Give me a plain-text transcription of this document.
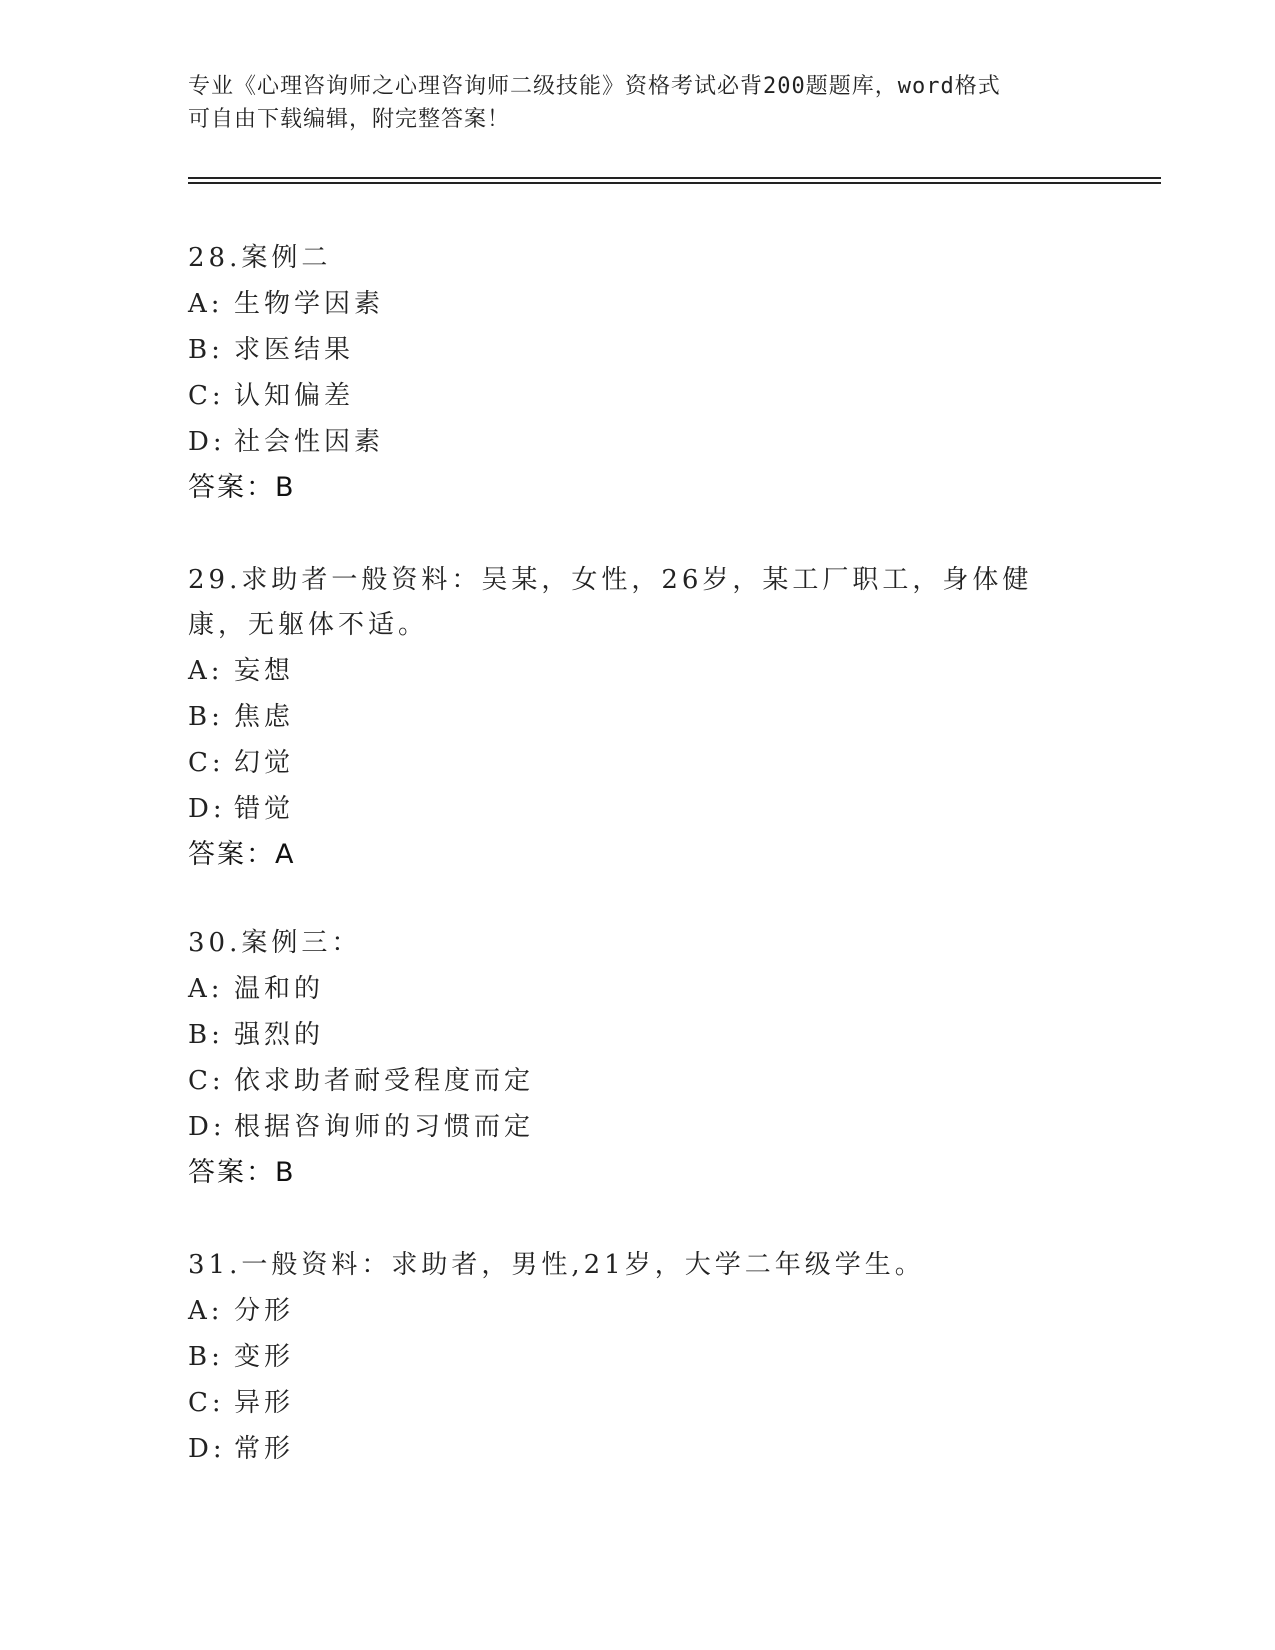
专业《心理咨询师之心理咨询师二级技能》资格考试必背200题题库，word格式
可自由下载编辑，附完整答案！
28.案例二
A: 生物学因素
B: 求医结果
C: 认知偏差
D: 社会性因素
答案：B
29.求助者一般资料：吴某，女性，26岁，某工厂职工，身体健康，无躯体不适。
A: 妄想
B: 焦虑
C: 幻觉
D: 错觉
答案：A
30.案例三：
A: 温和的
B: 强烈的
C: 依求助者耐受程度而定
D: 根据咨询师的习惯而定
答案：B
31.一般资料：求助者，男性,21岁，大学二年级学生。
A: 分形
B: 变形
C: 异形
D: 常形
